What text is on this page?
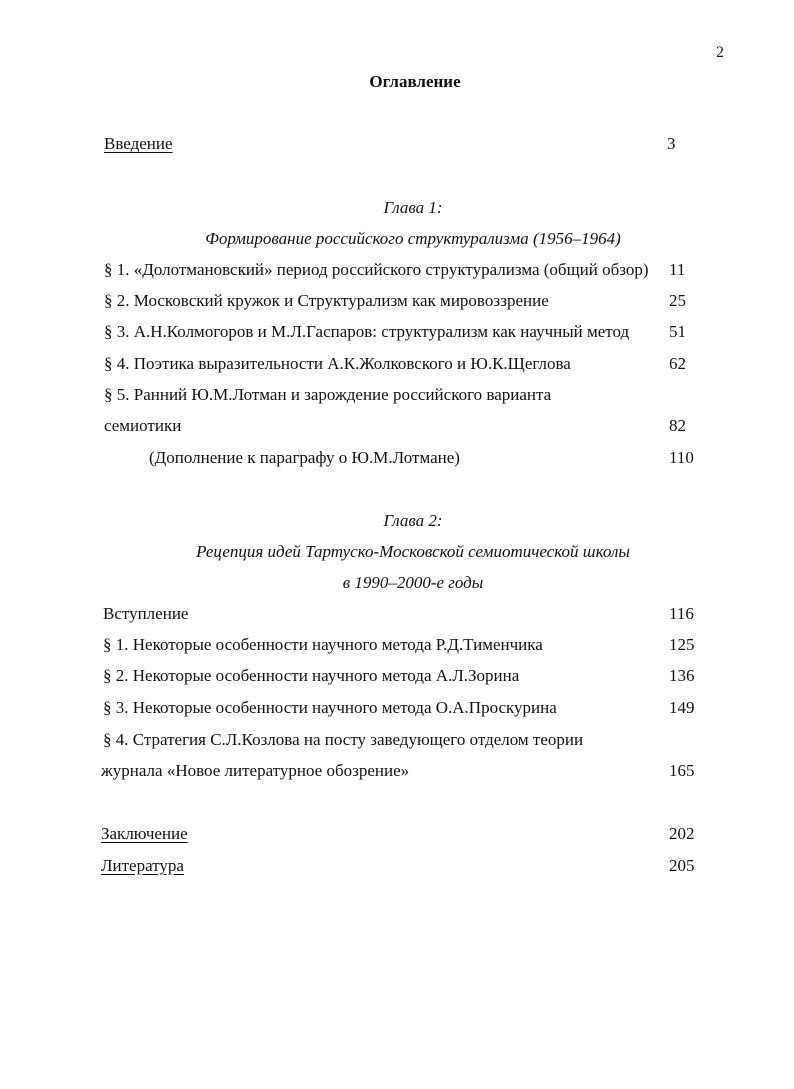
2
Оглавление
Введение	3
Глава 1:
Формирование российского структурализма (1956–1964)
§ 1. «Долотмановский» период российского структурализма (общий обзор) 11
§ 2. Московский кружок и Структурализм как мировоззрение	25
§ 3. А.Н.Колмогоров и М.Л.Гаспаров: структурализм как научный метод 51
§ 4. Поэтика выразительности А.К.Жолковского и Ю.К.Щеглова	62
§ 5. Ранний Ю.М.Лотман и зарождение российского варианта
семиотики	82
(Дополнение к параграфу о Ю.М.Лотмане)	110
Глава 2:
Рецепция идей Тартуско-Московской семиотической школы
в 1990–2000-е годы
Вступление	116
§ 1. Некоторые особенности научного метода Р.Д.Тименчика	125
§ 2. Некоторые особенности научного метода А.Л.Зорина	136
§ 3. Некоторые особенности научного метода О.А.Проскурина	149
§ 4. Стратегия С.Л.Козлова на посту заведующего отделом теории
журнала «Новое литературное обозрение»	165
Заключение	202
Литература	205
